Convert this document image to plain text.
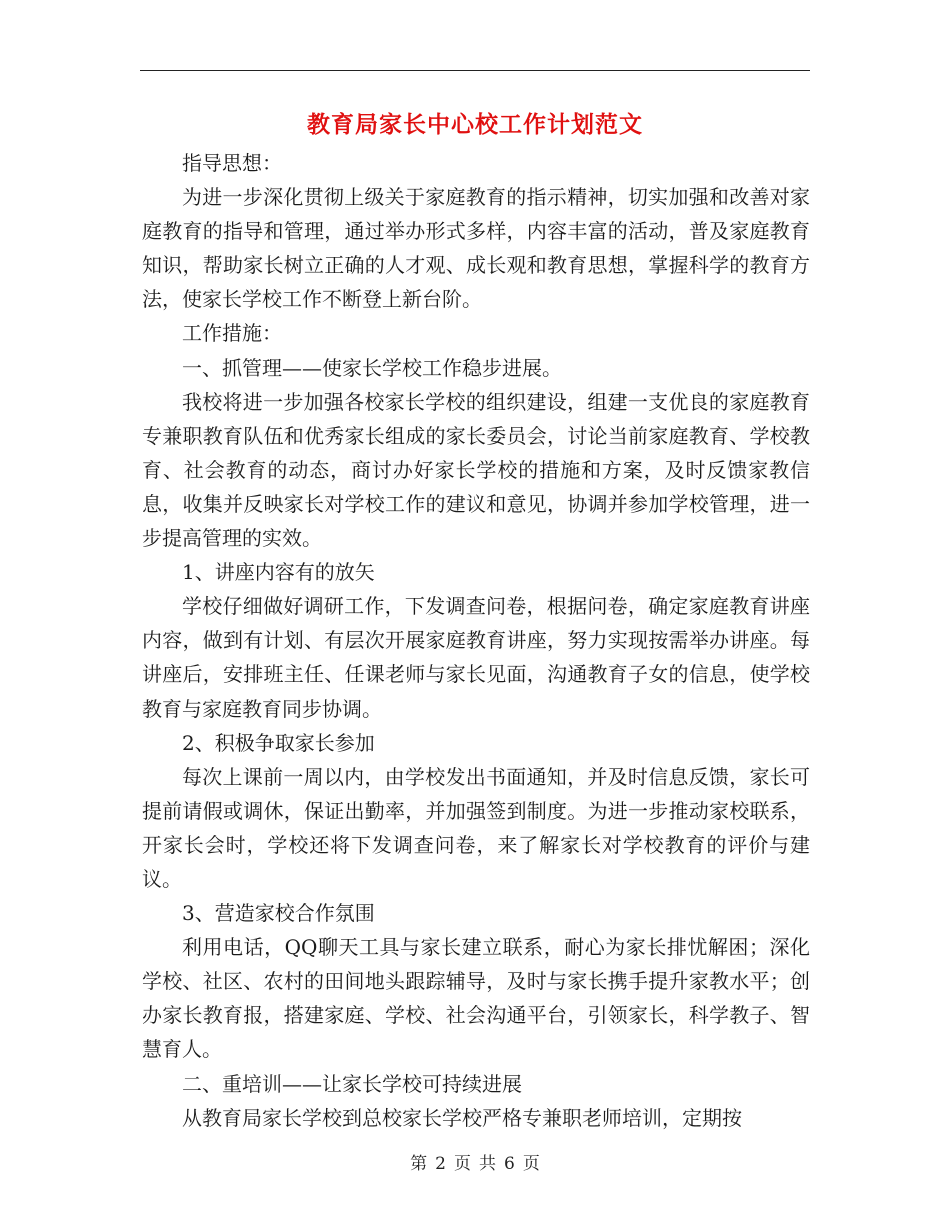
教育局家长中心校工作计划范文

指导思想：

为进一步深化贯彻上级关于家庭教育的指示精神，切实加强和改善对家庭教育的指导和管理，通过举办形式多样，内容丰富的活动，普及家庭教育知识，帮助家长树立正确的人才观、成长观和教育思想，掌握科学的教育方法，使家长学校工作不断登上新台阶。

工作措施：

一、抓管理——使家长学校工作稳步进展。

我校将进一步加强各校家长学校的组织建设，组建一支优良的家庭教育专兼职教育队伍和优秀家长组成的家长委员会，讨论当前家庭教育、学校教育、社会教育的动态，商讨办好家长学校的措施和方案，及时反馈家教信息，收集并反映家长对学校工作的建议和意见，协调并参加学校管理，进一步提高管理的实效。

1、讲座内容有的放矢

学校仔细做好调研工作，下发调查问卷，根据问卷，确定家庭教育讲座内容，做到有计划、有层次开展家庭教育讲座，努力实现按需举办讲座。每讲座后，安排班主任、任课老师与家长见面，沟通教育子女的信息，使学校教育与家庭教育同步协调。

2、积极争取家长参加

每次上课前一周以内，由学校发出书面通知，并及时信息反馈，家长可提前请假或调休，保证出勤率，并加强签到制度。为进一步推动家校联系，开家长会时，学校还将下发调查问卷，来了解家长对学校教育的评价与建议。

3、营造家校合作氛围

利用电话，QQ聊天工具与家长建立联系，耐心为家长排忧解困；深化学校、社区、农村的田间地头跟踪辅导，及时与家长携手提升家教水平；创办家长教育报，搭建家庭、学校、社会沟通平台，引领家长，科学教子、智慧育人。

二、重培训——让家长学校可持续进展

从教育局家长学校到总校家长学校严格专兼职老师培训，定期按

第 2 页 共 6 页
